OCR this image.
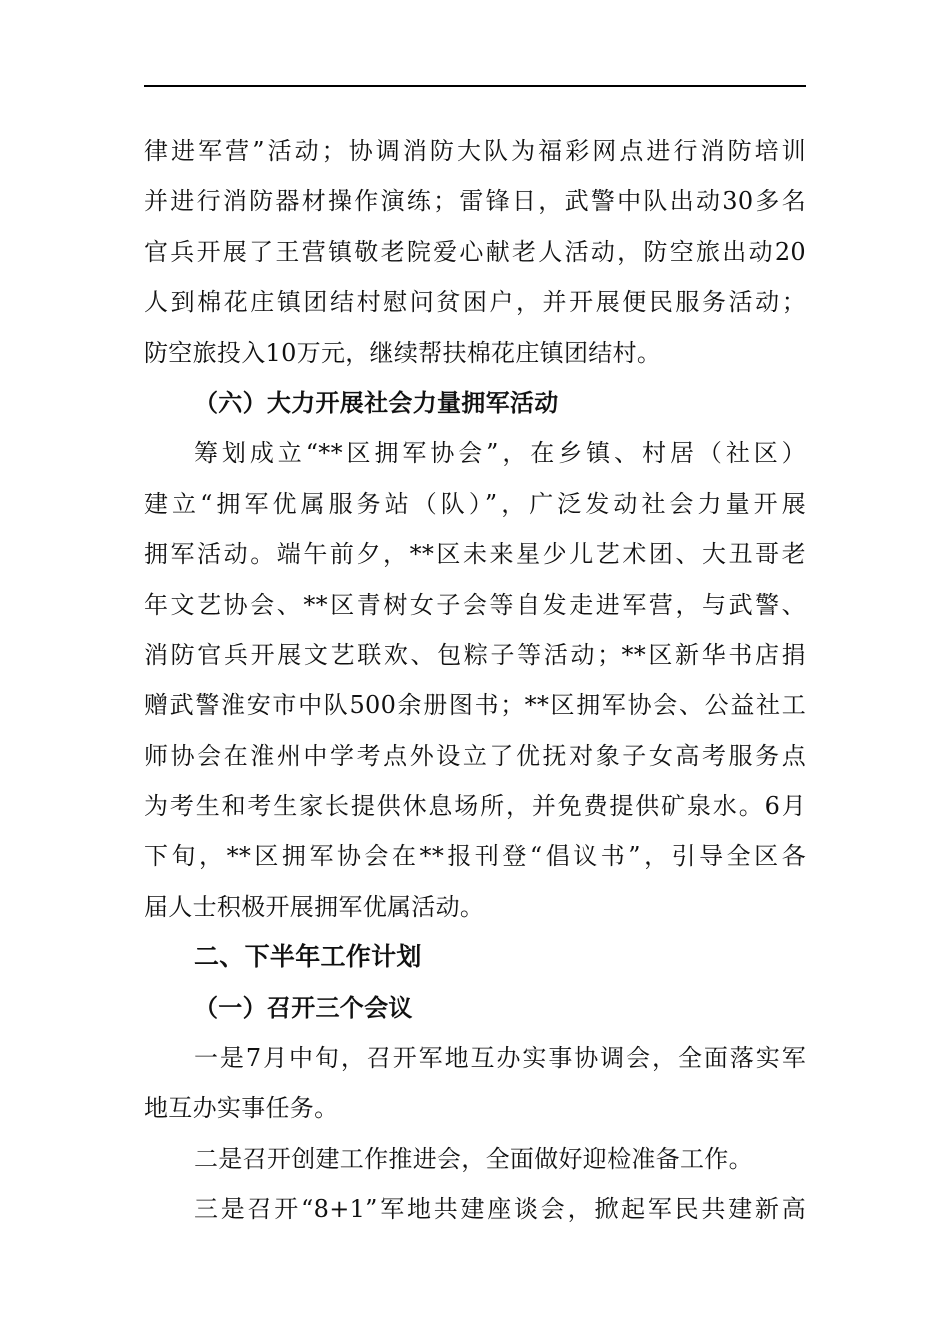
律进军营”活动；协调消防大队为福彩网点进行消防培训
并进行消防器材操作演练；雷锋日，武警中队出动30多名
官兵开展了王营镇敬老院爱心献老人活动，防空旅出动20
人到棉花庄镇团结村慰问贫困户，并开展便民服务活动；
防空旅投入10万元，继续帮扶棉花庄镇团结村。
（六）大力开展社会力量拥军活动
筹划成立“**区拥军协会”，在乡镇、村居（社区）
建立“拥军优属服务站（队）”，广泛发动社会力量开展
拥军活动。端午前夕，**区未来星少儿艺术团、大丑哥老
年文艺协会、**区青树女子会等自发走进军营，与武警、
消防官兵开展文艺联欢、包粽子等活动；**区新华书店捐
赠武警淮安市中队500余册图书；**区拥军协会、公益社工
师协会在淮州中学考点外设立了优抚对象子女高考服务点
为考生和考生家长提供休息场所，并免费提供矿泉水。6月
下旬，**区拥军协会在**报刊登“倡议书”，引导全区各
届人士积极开展拥军优属活动。
二、下半年工作计划
（一）召开三个会议
一是7月中旬，召开军地互办实事协调会，全面落实军
地互办实事任务。
二是召开创建工作推进会，全面做好迎检准备工作。
三是召开“8+1”军地共建座谈会，掀起军民共建新高
